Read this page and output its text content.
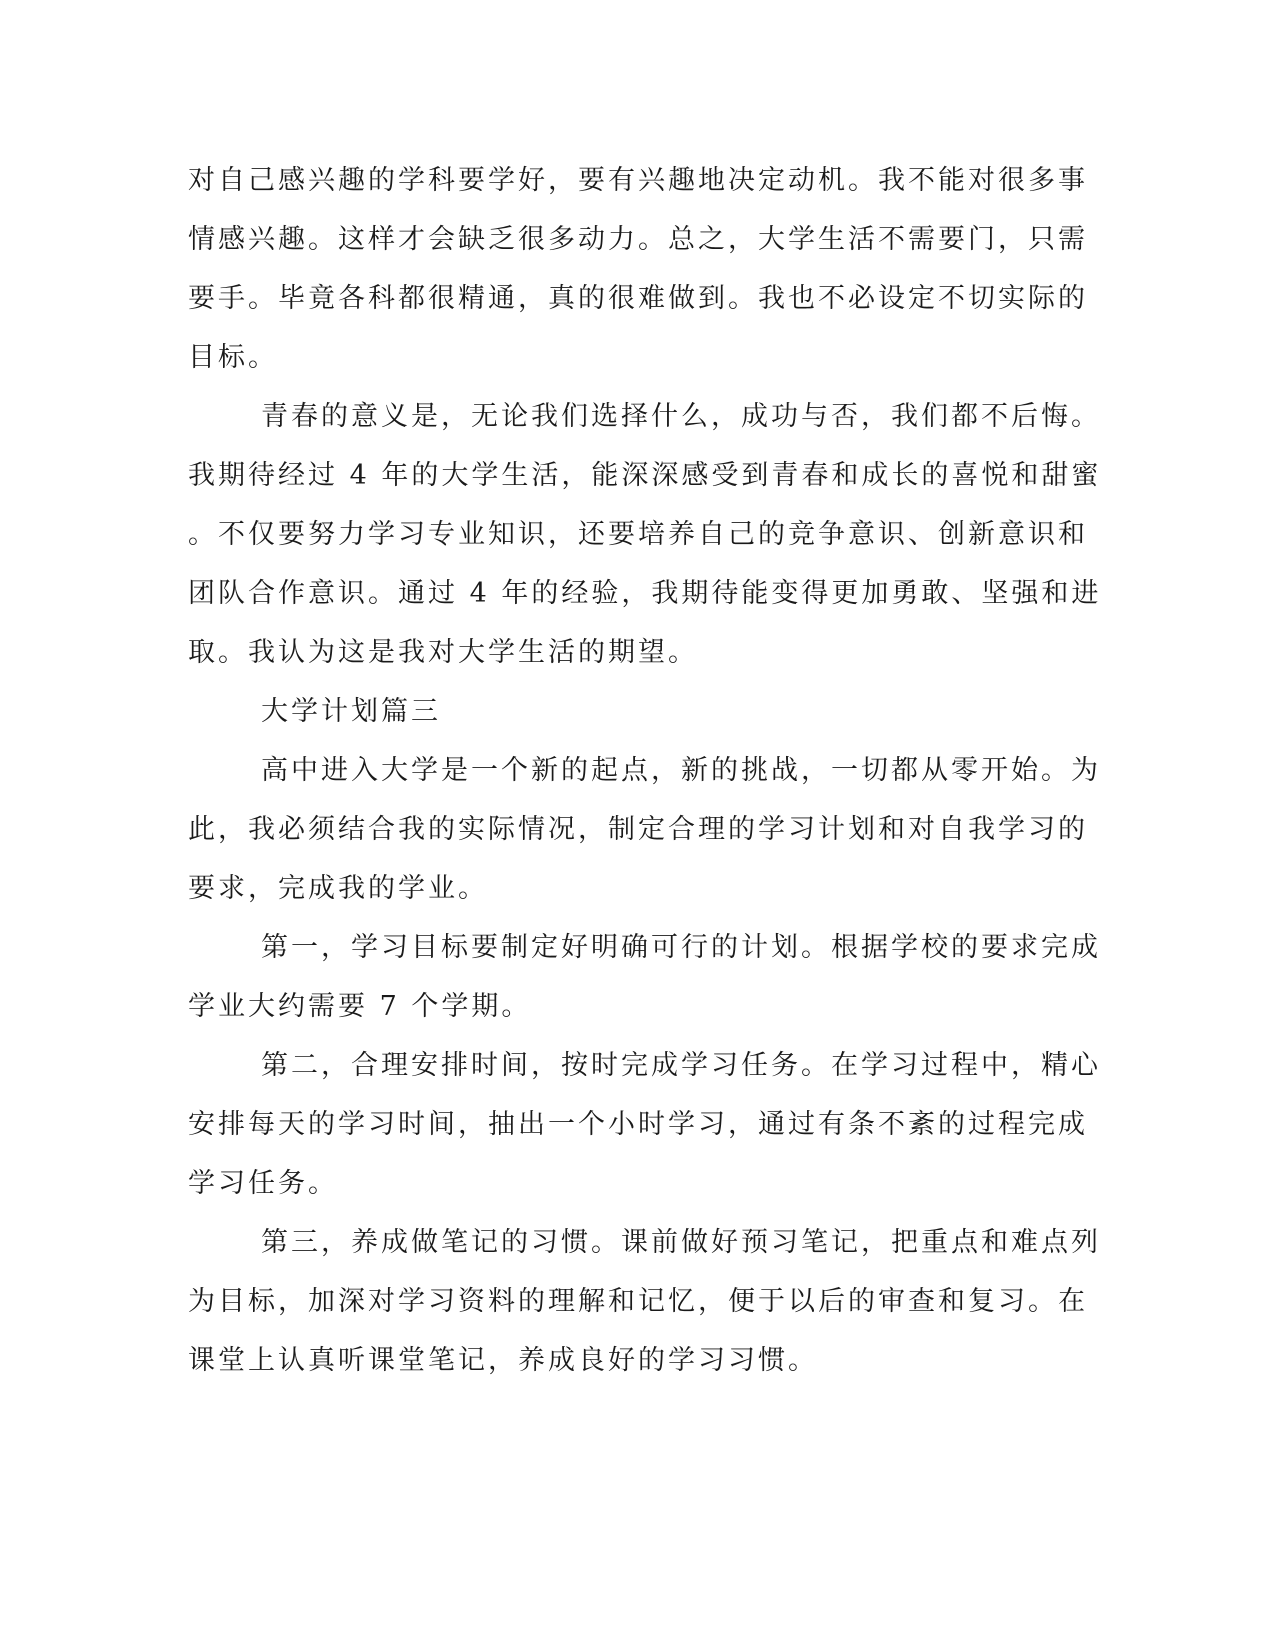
对自己感兴趣的学科要学好，要有兴趣地决定动机。我不能对很多事
情感兴趣。这样才会缺乏很多动力。总之，大学生活不需要门，只需
要手。毕竟各科都很精通，真的很难做到。我也不必设定不切实际的
目标。
青春的意义是，无论我们选择什么，成功与否，我们都不后悔。
我期待经过 4 年的大学生活，能深深感受到青春和成长的喜悦和甜蜜
。不仅要努力学习专业知识，还要培养自己的竞争意识、创新意识和
团队合作意识。通过 4 年的经验，我期待能变得更加勇敢、坚强和进
取。我认为这是我对大学生活的期望。
大学计划篇三
高中进入大学是一个新的起点，新的挑战，一切都从零开始。为
此，我必须结合我的实际情况，制定合理的学习计划和对自我学习的
要求，完成我的学业。
第一，学习目标要制定好明确可行的计划。根据学校的要求完成
学业大约需要 7 个学期。
第二，合理安排时间，按时完成学习任务。在学习过程中，精心
安排每天的学习时间，抽出一个小时学习，通过有条不紊的过程完成
学习任务。
第三，养成做笔记的习惯。课前做好预习笔记，把重点和难点列
为目标，加深对学习资料的理解和记忆，便于以后的审查和复习。在
课堂上认真听课堂笔记，养成良好的学习习惯。
